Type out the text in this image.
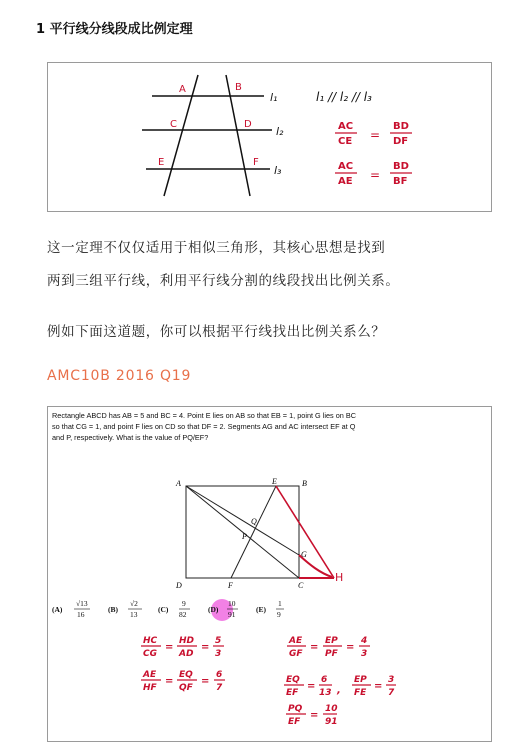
1 平行线分线段成比例定理
A	B
C	D
E	F
l₁
l₂
l₃
l₁ // l₂ // l₃
AC
CE =
BD
DF
AC
AE =
BD
BF
这一定理不仅仅适用于相似三角形，其核心思想是找到
两到三组平行线，利用平行线分割的线段找出比例关系。
例如下面这道题，你可以根据平行线找出比例关系么？
AMC10B 2016 Q19
Rectangle ABCD has AB = 5 and BC = 4. Point E lies on AB so that EB = 1, point G lies on BC
so that CG = 1, and point F lies on CD so that DF = 2. Segments AG and AC intersect EF at Q
and P, respectively. What is the value of PQ/EF?
A	B
C
D
E
F
G
P
Q
H
(A)
√13
16
(B)
√2
13
(C)
9
82
(D)
10
91
(E)
1
9
HC
CG
=
HD
AD
=
5
3
AE
GF
=
EP
PF
=
4
3
AE
HF
=
EQ
QF
=
6
7
EQ
EF
=
6
13 ,
EP
FE
=
3
7
PQ
EF
=
10
91
